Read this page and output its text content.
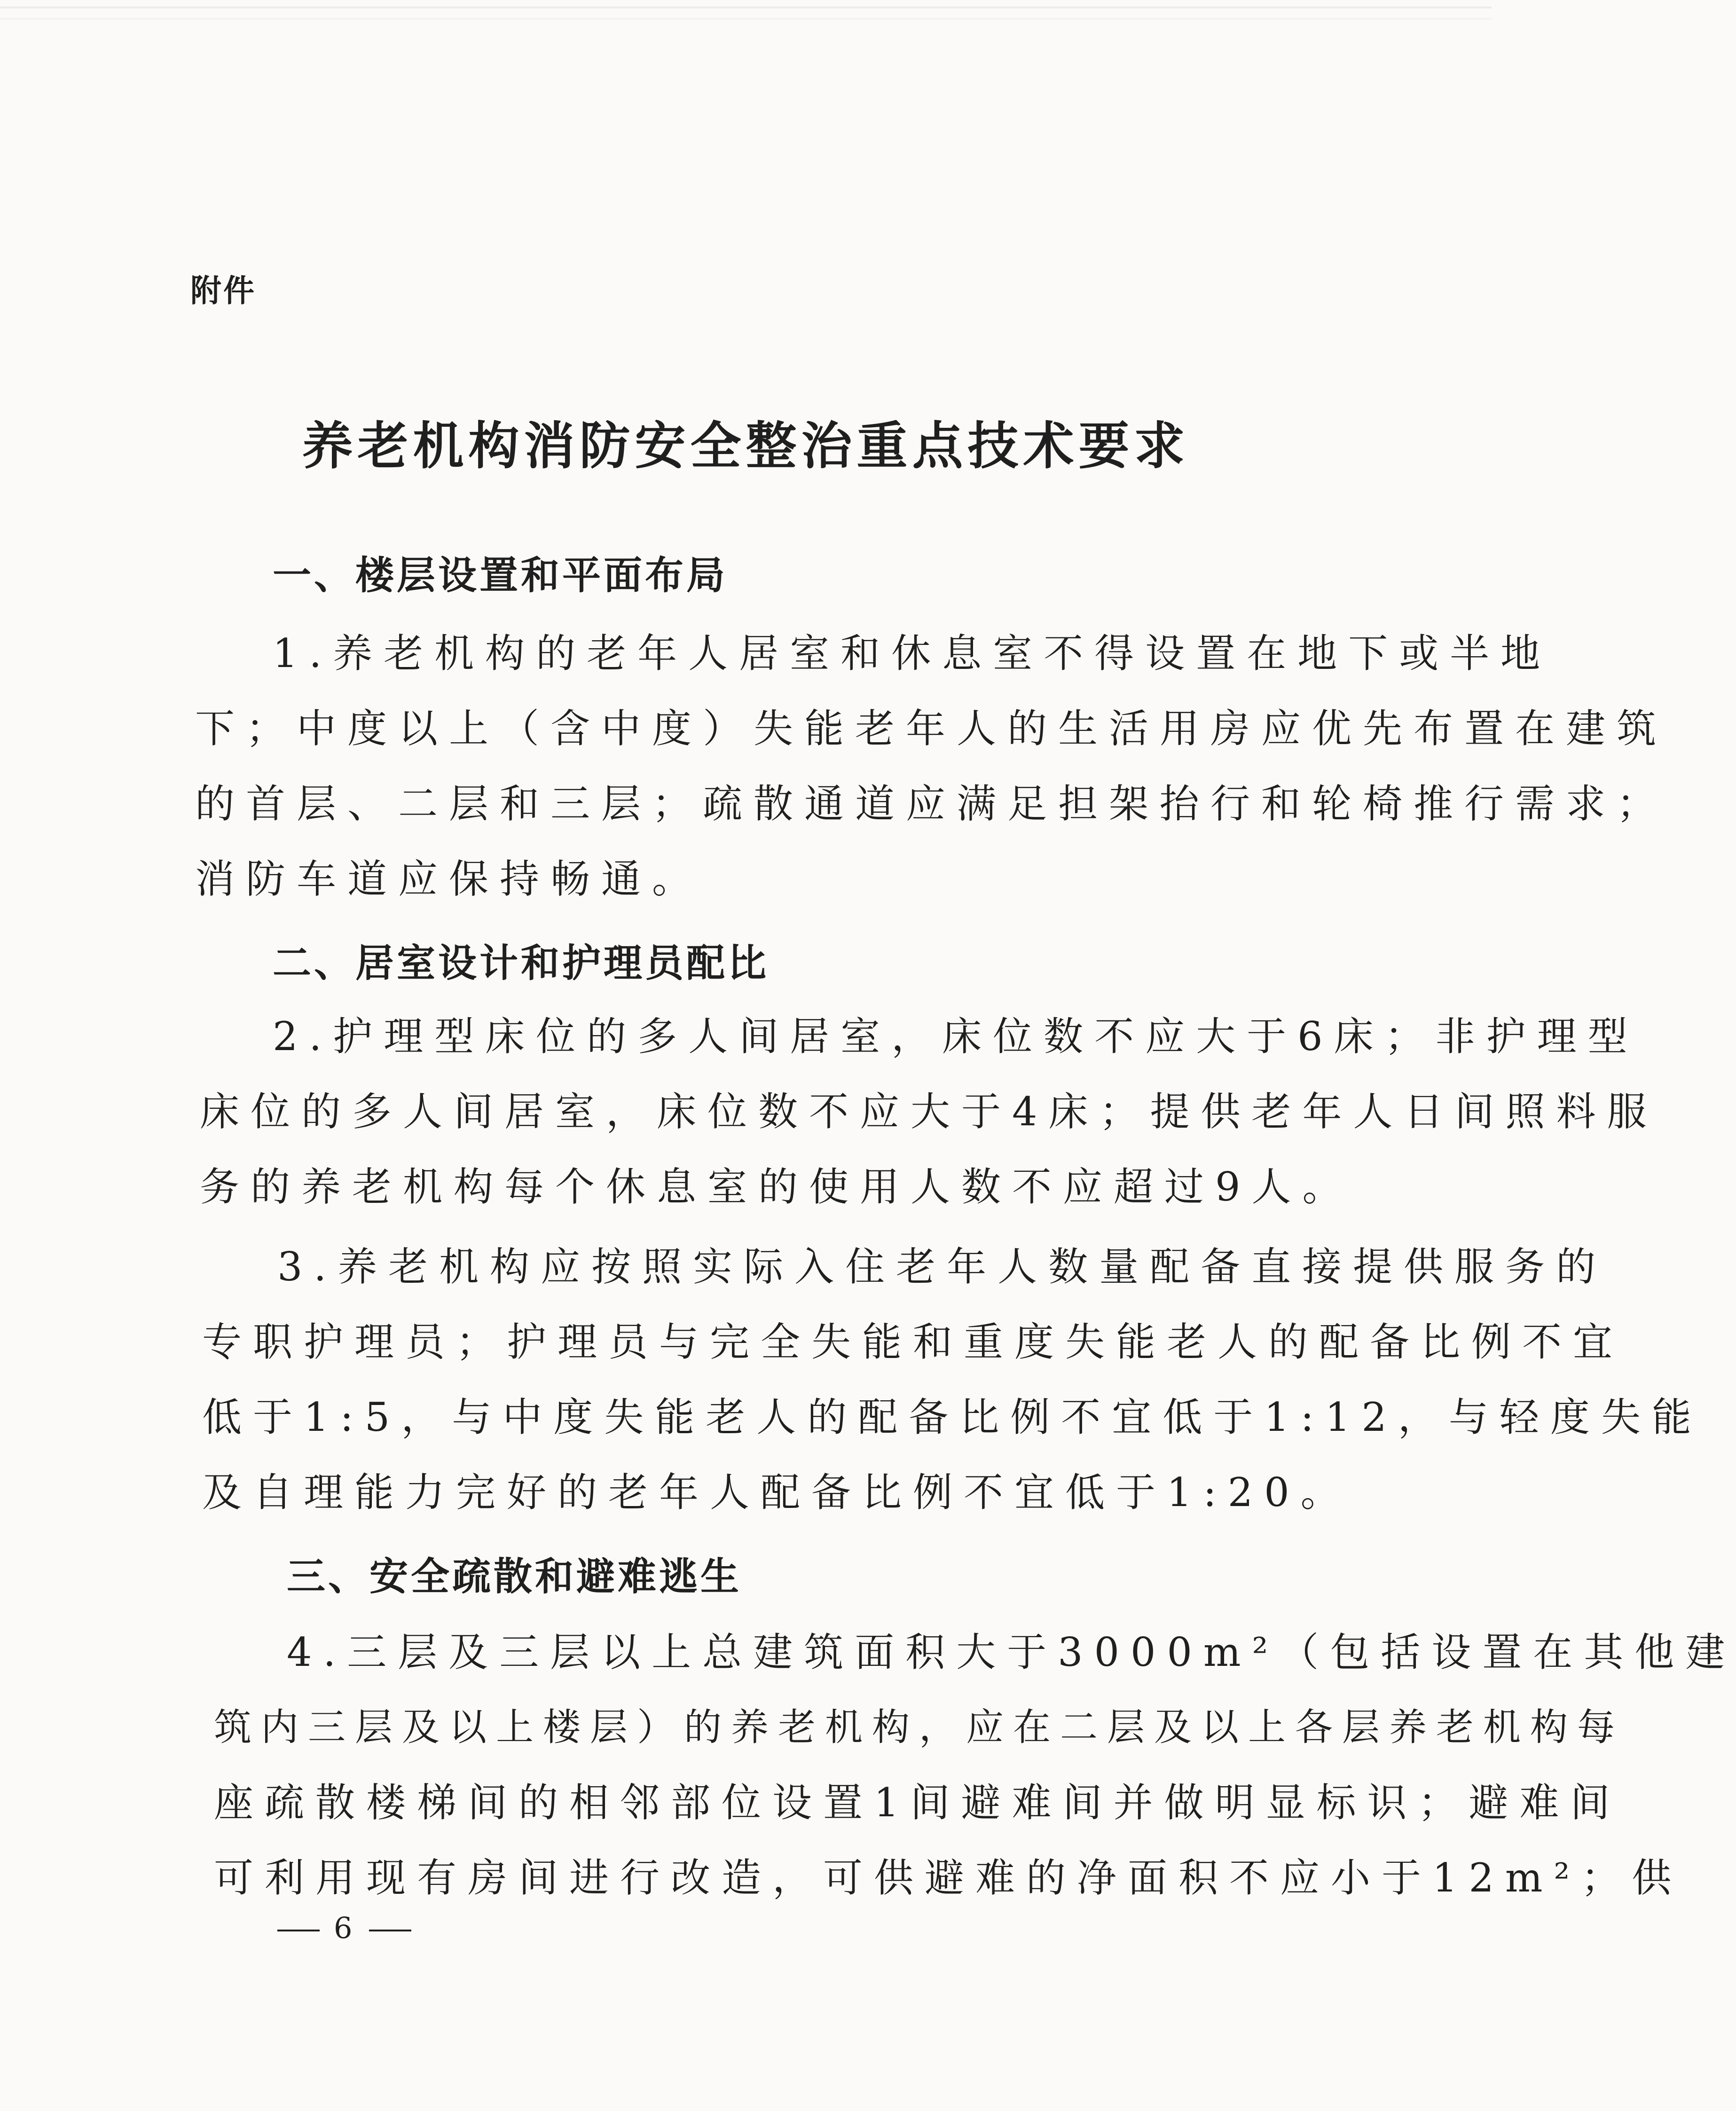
附件
养老机构消防安全整治重点技术要求
一、楼层设置和平面布局
1.养老机构的老年人居室和休息室不得设置在地下或半地
下；中度以上（含中度）失能老年人的生活用房应优先布置在建筑
的首层、二层和三层；疏散通道应满足担架抬行和轮椅推行需求；
消防车道应保持畅通。
二、居室设计和护理员配比
2.护理型床位的多人间居室，床位数不应大于6床；非护理型
床位的多人间居室，床位数不应大于4床；提供老年人日间照料服
务的养老机构每个休息室的使用人数不应超过9人。
3.养老机构应按照实际入住老年人数量配备直接提供服务的
专职护理员；护理员与完全失能和重度失能老人的配备比例不宜
低于1:5，与中度失能老人的配备比例不宜低于1:12，与轻度失能
及自理能力完好的老年人配备比例不宜低于1:20。
三、安全疏散和避难逃生
4.三层及三层以上总建筑面积大于3000m²（包括设置在其他建
筑内三层及以上楼层）的养老机构，应在二层及以上各层养老机构每
座疏散楼梯间的相邻部位设置1间避难间并做明显标识；避难间
可利用现有房间进行改造，可供避难的净面积不应小于12m²；供
6
